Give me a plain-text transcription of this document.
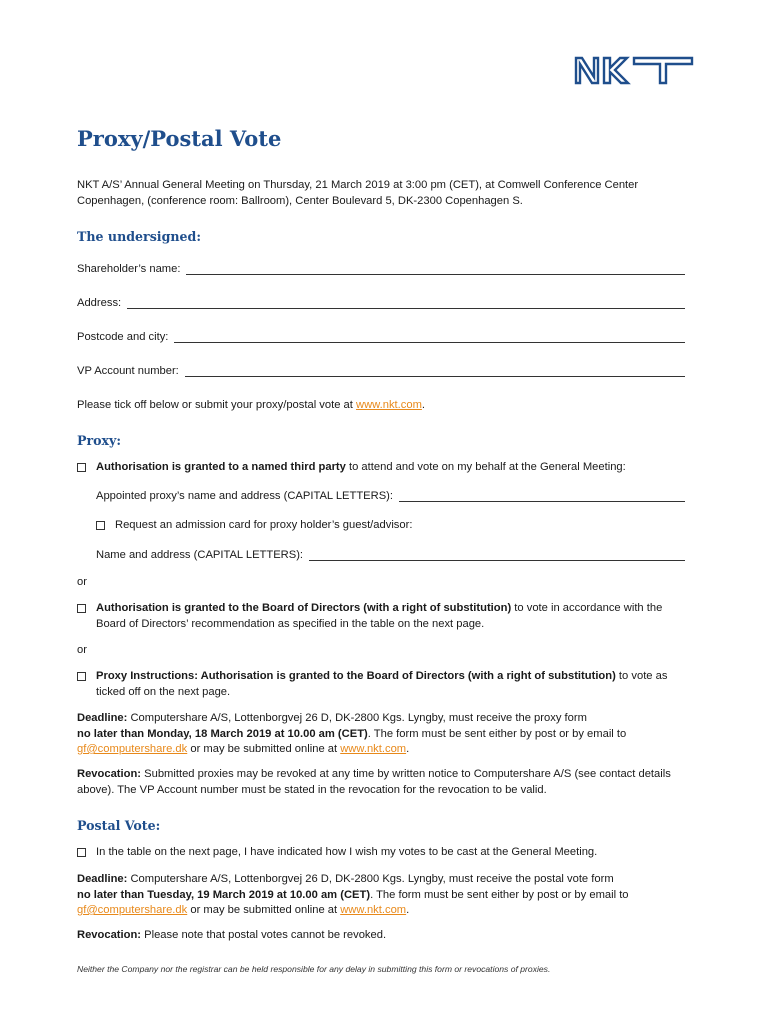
Proxy/Postal Vote
NKT A/S’ Annual General Meeting on Thursday, 21 March 2019 at 3:00 pm (CET), at Comwell Conference Center Copenhagen, (conference room: Ballroom), Center Boulevard 5, DK-2300 Copenhagen S.
The undersigned:
Shareholder’s name:
Address:
Postcode and city:
VP Account number:
Please tick off below or submit your proxy/postal vote at www.nkt.com.
Proxy:
Authorisation is granted to a named third party to attend and vote on my behalf at the General Meeting:
Appointed proxy’s name and address (CAPITAL LETTERS):
Request an admission card for proxy holder’s guest/advisor:
Name and address (CAPITAL LETTERS):
or
Authorisation is granted to the Board of Directors (with a right of substitution) to vote in accordance with the Board of Directors’ recommendation as specified in the table on the next page.
or
Proxy Instructions: Authorisation is granted to the Board of Directors (with a right of substitution) to vote as ticked off on the next page.
Deadline: Computershare A/S, Lottenborgvej 26 D, DK-2800 Kgs. Lyngby, must receive the proxy form
no later than Monday, 18 March 2019 at 10.00 am (CET). The form must be sent either by post or by email to
gf@computershare.dk or may be submitted online at www.nkt.com.
Revocation: Submitted proxies may be revoked at any time by written notice to Computershare A/S (see contact details above). The VP Account number must be stated in the revocation for the revocation to be valid.
Postal Vote:
In the table on the next page, I have indicated how I wish my votes to be cast at the General Meeting.
Deadline: Computershare A/S, Lottenborgvej 26 D, DK-2800 Kgs. Lyngby, must receive the postal vote form
no later than Tuesday, 19 March 2019 at 10.00 am (CET). The form must be sent either by post or by email to
gf@computershare.dk or may be submitted online at www.nkt.com.
Revocation: Please note that postal votes cannot be revoked.
Neither the Company nor the registrar can be held responsible for any delay in submitting this form or revocations of proxies.
